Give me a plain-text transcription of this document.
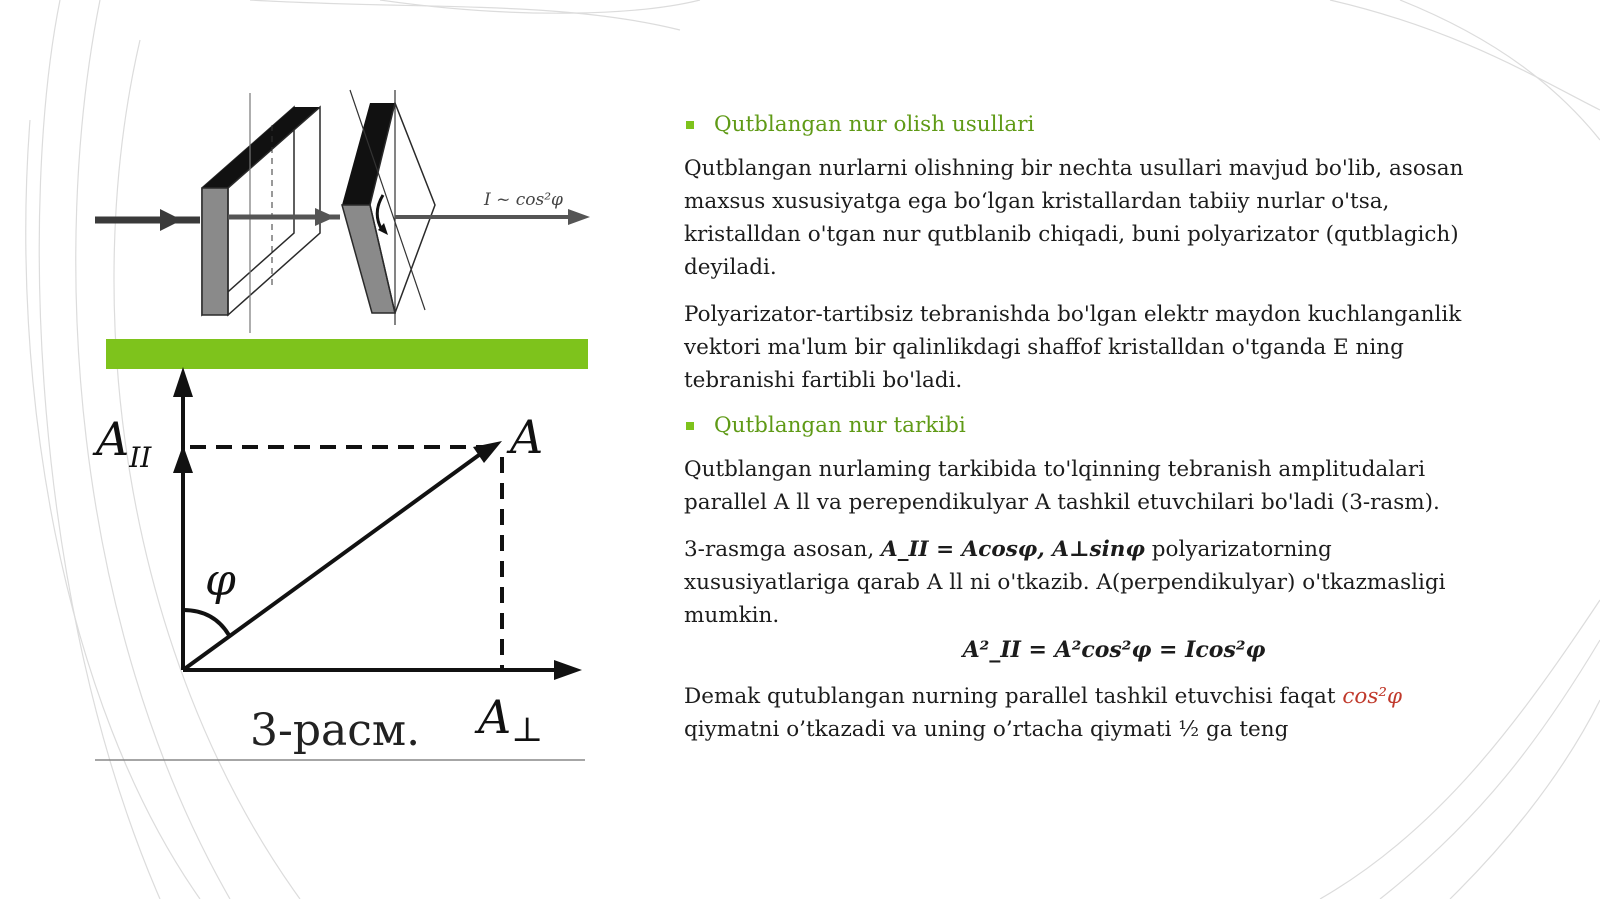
I ~ cos²φ
$A_{II}$	A
φ
A⊥
3-расм.
Qutblangan nur olish usullari

Qutblangan nurlarni olishning bir nechta usullari mavjud bo'lib, asosan maxsus xususiyatga ega bo‘lgan kristallardan tabiiy nurlar o'tsa, kristalldan o'tgan nur qutblanib chiqadi, buni polyarizator (qutblagich) deyiladi.

Polyarizator-tartibsiz tebranishda bo'lgan elektr maydon kuchlanganlik vektori ma'lum bir qalinlikdagi shaffof kristalldan o'tganda E ning tebranishi fartibli bo'ladi.

Qutblangan nur tarkibi

Qutblangan nurlaming tarkibida to'lqinning tebranish amplitudalari parallel A ll va perependikulyar A tashkil etuvchilari bo'ladi (3-rasm).

3-rasmga asosan, A_II = Acosφ, A⊥sinφ polyarizatorning xususiyatlariga qarab A ll ni o'tkazib. A(perpendikulyar) o'tkazmasligi mumkin.

A²_II = A²cos²φ = Icos²φ

Demak qutublangan nurning parallel tashkil etuvchisi faqat cos²φ qiymatni o’tkazadi va uning o’rtacha qiymati ½ ga teng
